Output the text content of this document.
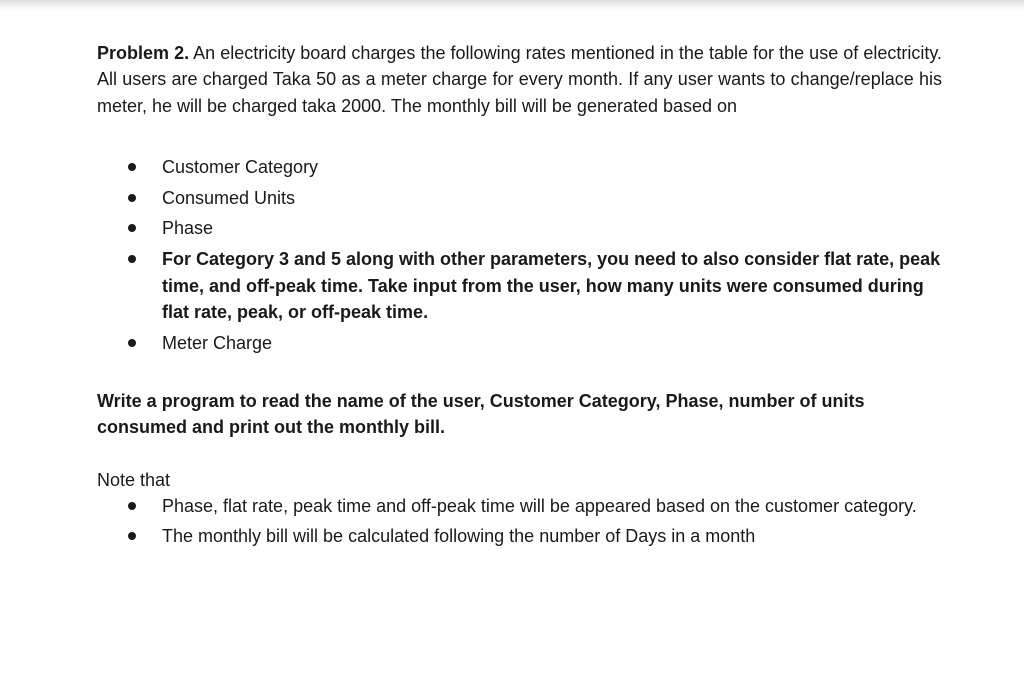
Problem 2. An electricity board charges the following rates mentioned in the table for the use of electricity. All users are charged Taka 50 as a meter charge for every month. If any user wants to change/replace his meter, he will be charged taka 2000. The monthly bill will be generated based on

Customer Category
Consumed Units
Phase
For Category 3 and 5 along with other parameters, you need to also consider flat rate, peak time, and off-peak time. Take input from the user, how many units were consumed during flat rate, peak, or off-peak time.
Meter Charge

Write a program to read the name of the user, Customer Category, Phase, number of units consumed and print out the monthly bill.

Note that

Phase, flat rate, peak time and off-peak time will be appeared based on the customer category.
The monthly bill will be calculated following the number of Days in a month
